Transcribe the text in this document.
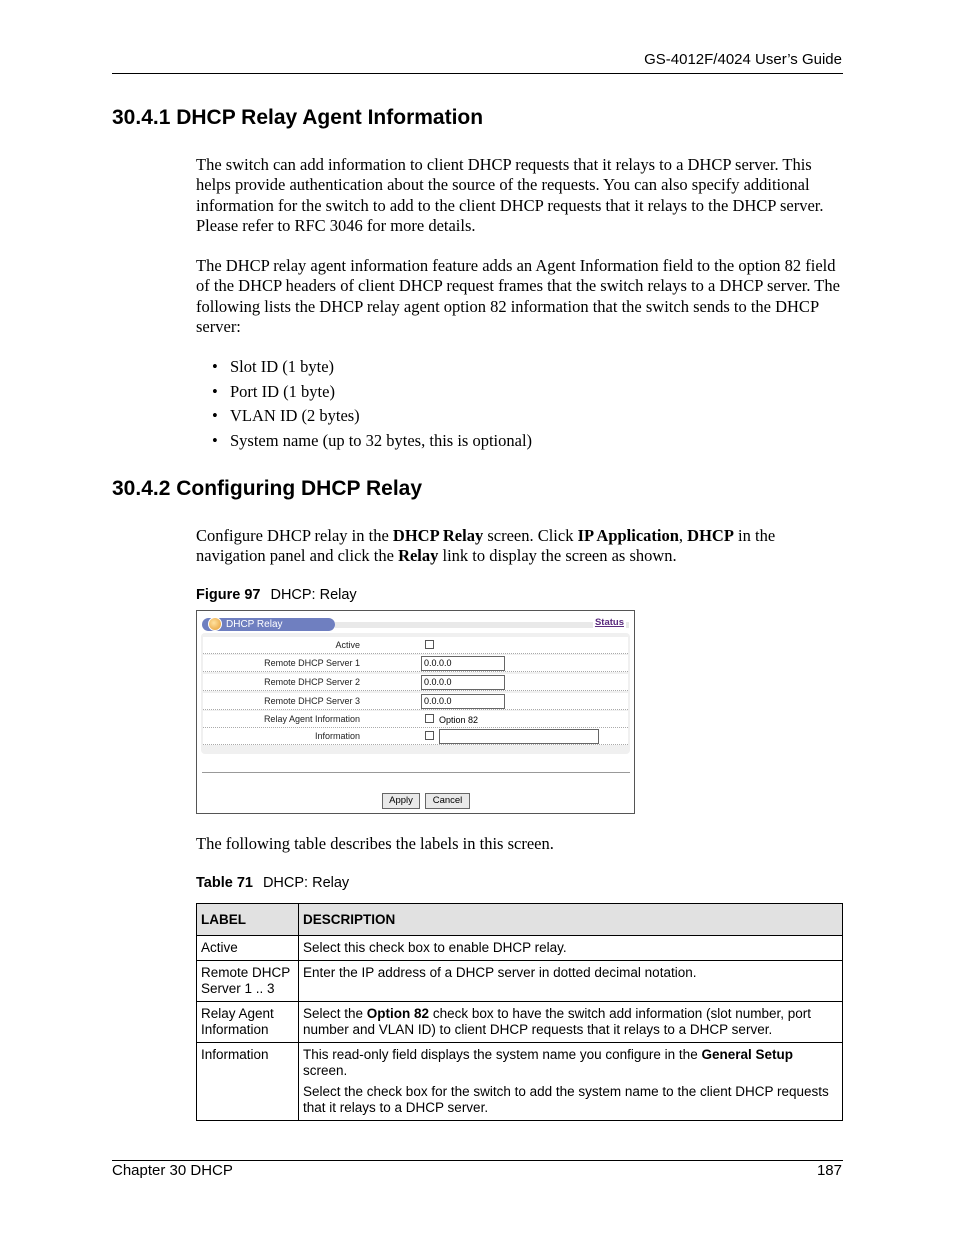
GS-4012F/4024 User’s Guide
30.4.1 DHCP Relay Agent Information

The switch can add information to client DHCP requests that it relays to a DHCP server. This helps provide authentication about the source of the requests. You can also specify additional information for the switch to add to the client DHCP requests that it relays to the DHCP server. Please refer to RFC 3046 for more details.

The DHCP relay agent information feature adds an Agent Information field to the option 82 field of the DHCP headers of client DHCP request frames that the switch relays to a DHCP server. The following lists the DHCP relay agent option 82 information that the switch sends to the DHCP server:

• Slot ID (1 byte)
• Port ID (1 byte)
• VLAN ID (2 bytes)
• System name (up to 32 bytes, this is optional)
30.4.2 Configuring DHCP Relay

Configure DHCP relay in the DHCP Relay screen. Click IP Application, DHCP in the navigation panel and click the Relay link to display the screen as shown.

Figure 97 DHCP: Relay
DHCP Relay	Status
Active
Remote DHCP Server 1	0.0.0.0
Remote DHCP Server 2	0.0.0.0
Remote DHCP Server 3	0.0.0.0
Relay Agent Information	Option 82
Information
Apply	Cancel

The following table describes the labels in this screen.

Table 71 DHCP: Relay
LABEL	DESCRIPTION
Active	Select this check box to enable DHCP relay.
Remote DHCP Server 1 .. 3	Enter the IP address of a DHCP server in dotted decimal notation.
Relay Agent Information	Select the Option 82 check box to have the switch add information (slot number, port number and VLAN ID) to client DHCP requests that it relays to a DHCP server.
Information	This read-only field displays the system name you configure in the General Setup screen.

Select the check box for the switch to add the system name to the client DHCP requests that it relays to a DHCP server.

Chapter 30 DHCP	187
